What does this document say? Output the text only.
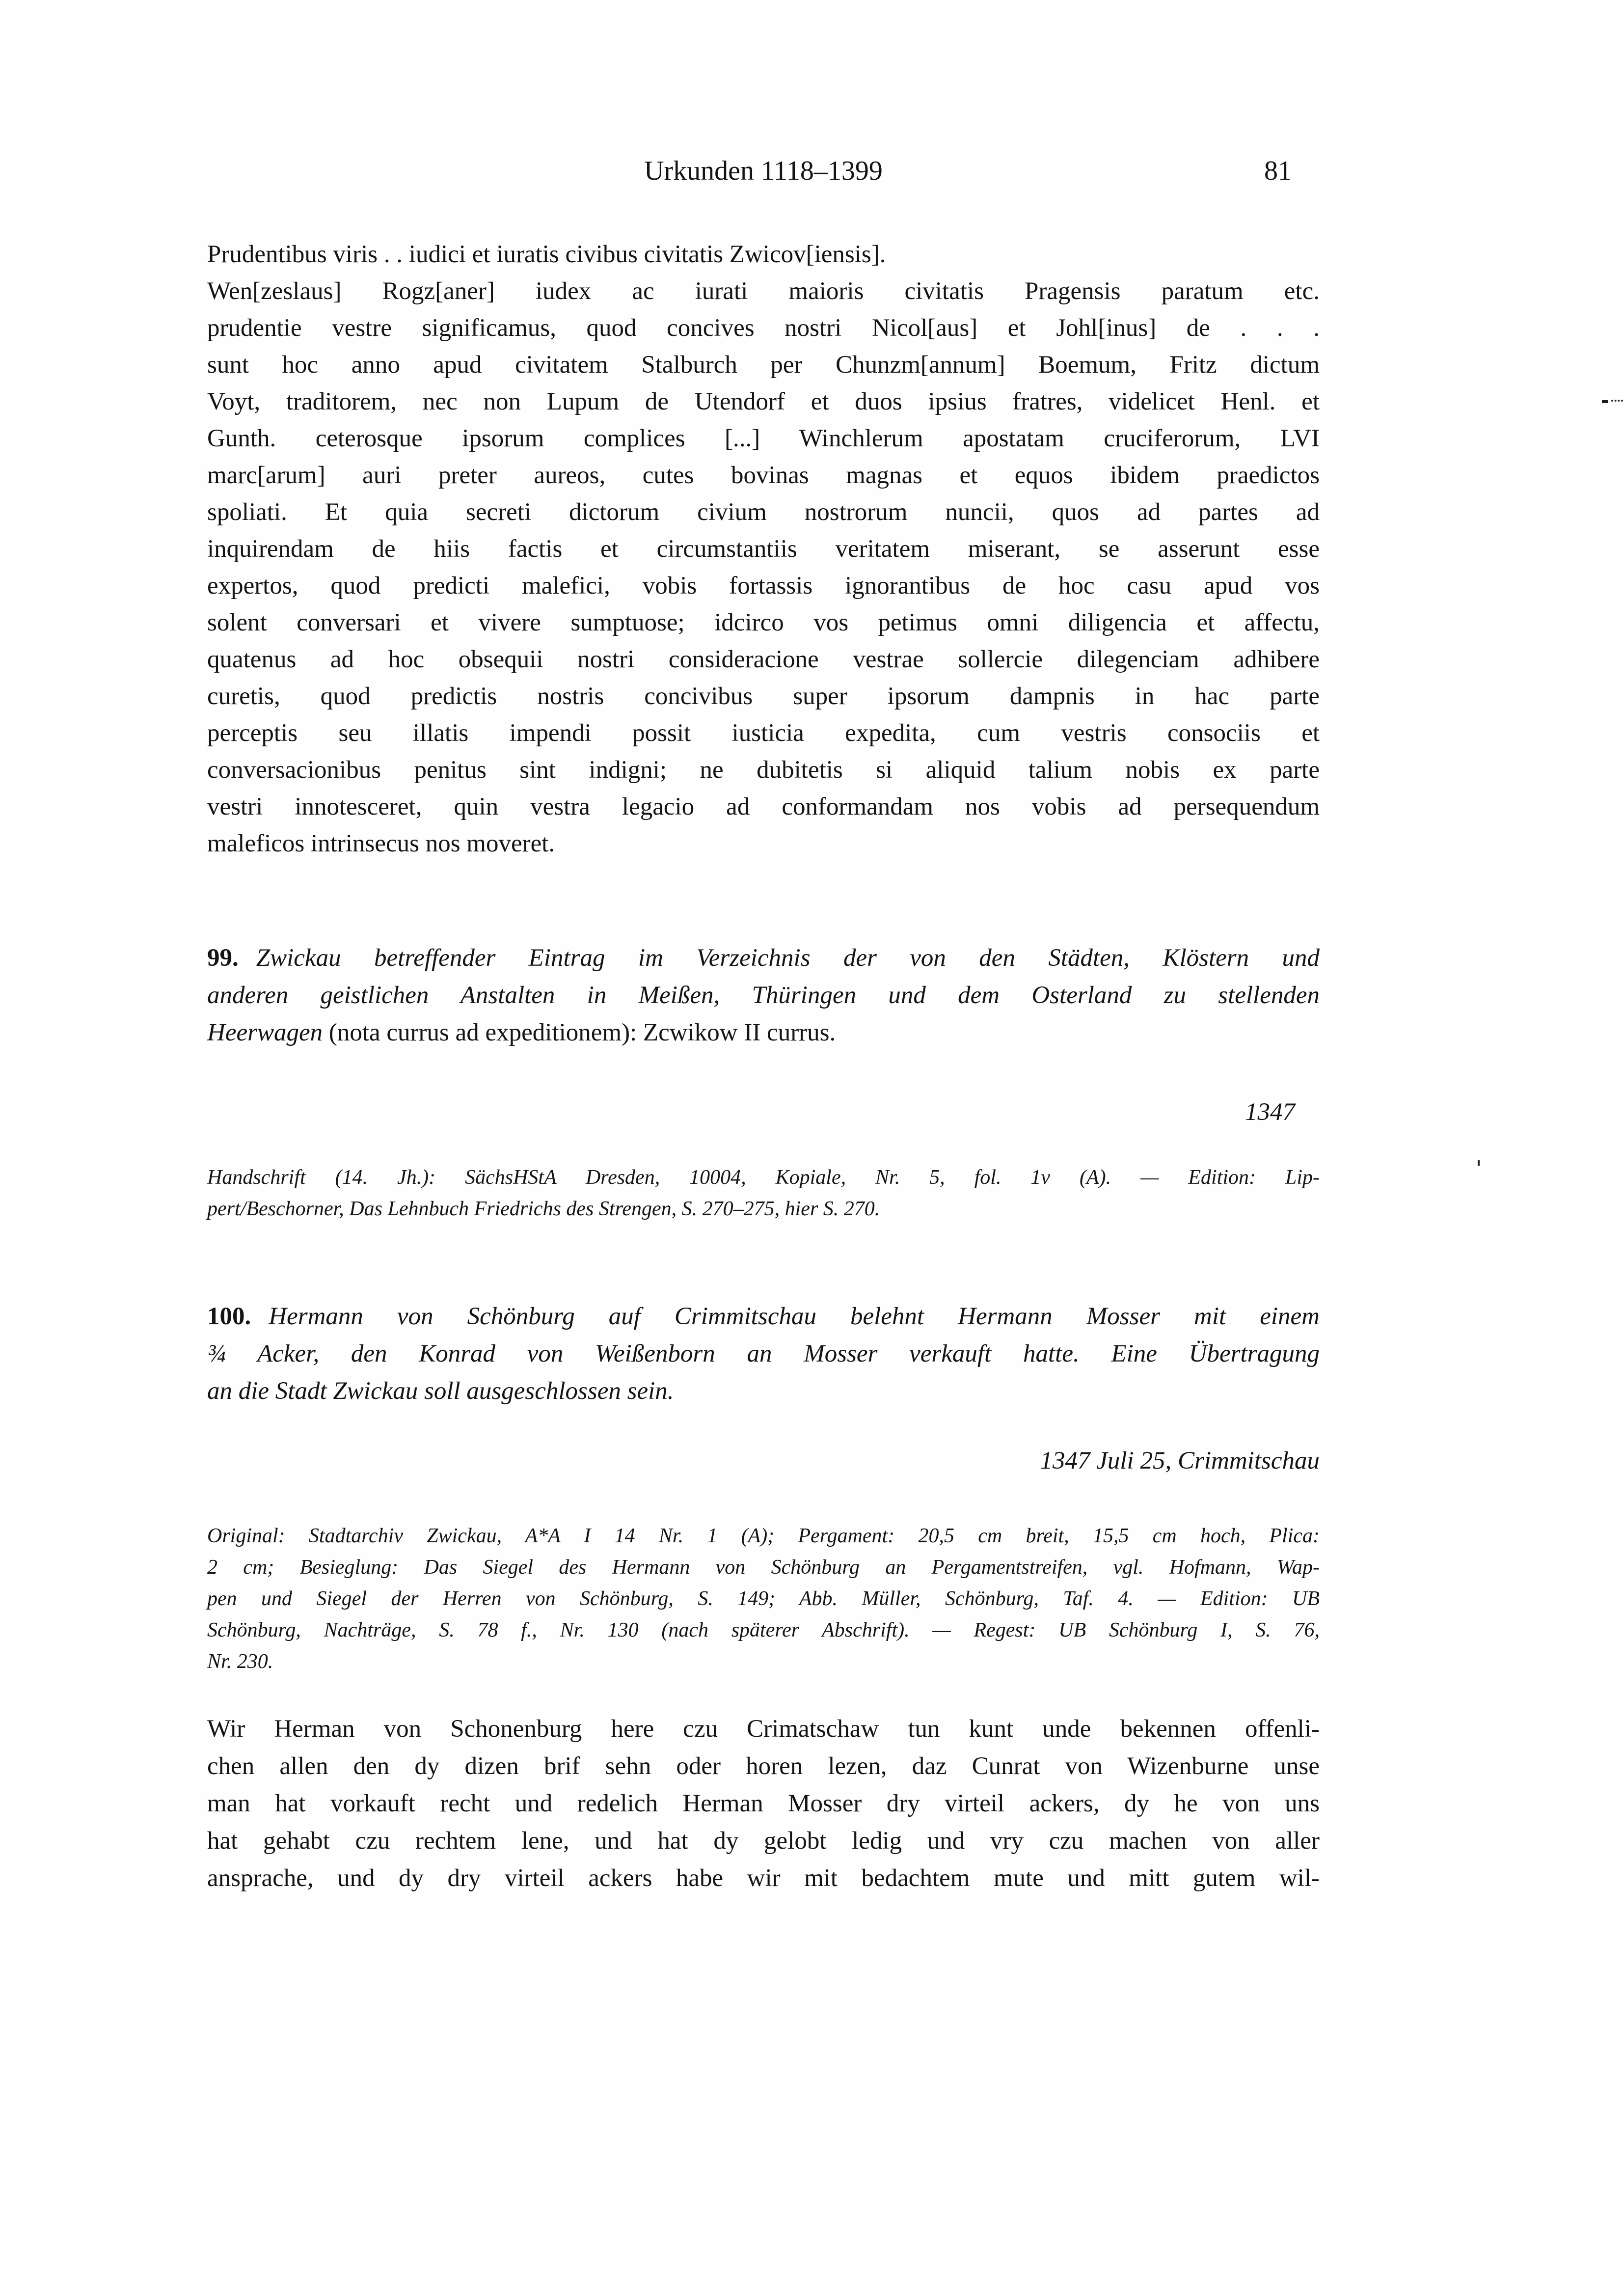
Urkunden 1118–1399	81
Prudentibus viris . . iudici et iuratis civibus civitatis Zwicov[iensis].
Wen[zeslaus] Rogz[aner] iudex ac iurati maioris civitatis Pragensis paratum etc.
prudentie vestre significamus, quod concives nostri Nicol[aus] et Johl[inus] de . . .
sunt hoc anno apud civitatem Stalburch per Chunzm[annum] Boemum, Fritz dictum
Voyt, traditorem, nec non Lupum de Utendorf et duos ipsius fratres, videlicet Henl. et
Gunth. ceterosque ipsorum complices [...] Winchlerum apostatam cruciferorum, LVI
marc[arum] auri preter aureos, cutes bovinas magnas et equos ibidem praedictos
spoliati. Et quia secreti dictorum civium nostrorum nuncii, quos ad partes ad
inquirendam de hiis factis et circumstantiis veritatem miserant, se asserunt esse
expertos, quod predicti malefici, vobis fortassis ignorantibus de hoc casu apud vos
solent conversari et vivere sumptuose; idcirco vos petimus omni diligencia et affectu,
quatenus ad hoc obsequii nostri consideracione vestrae sollercie dilegenciam adhibere
curetis, quod predictis nostris concivibus super ipsorum dampnis in hac parte
perceptis seu illatis impendi possit iusticia expedita, cum vestris consociis et
conversacionibus penitus sint indigni; ne dubitetis si aliquid talium nobis ex parte
vestri innotesceret, quin vestra legacio ad conformandam nos vobis ad persequendum
maleficos intrinsecus nos moveret.
99. Zwickau betreffender Eintrag im Verzeichnis der von den Städten, Klöstern und
anderen geistlichen Anstalten in Meißen, Thüringen und dem Osterland zu stellenden
Heerwagen (nota currus ad expeditionem): Zcwikow II currus.
1347
Handschrift (14. Jh.): SächsHStA Dresden, 10004, Kopiale, Nr. 5, fol. 1v (A). — Edition: Lip-
pert/Beschorner, Das Lehnbuch Friedrichs des Strengen, S. 270–275, hier S. 270.
100. Hermann von Schönburg auf Crimmitschau belehnt Hermann Mosser mit einem
¾ Acker, den Konrad von Weißenborn an Mosser verkauft hatte. Eine Übertragung
an die Stadt Zwickau soll ausgeschlossen sein.
1347 Juli 25, Crimmitschau
Original: Stadtarchiv Zwickau, A*A I 14 Nr. 1 (A); Pergament: 20,5 cm breit, 15,5 cm hoch, Plica:
2 cm; Besieglung: Das Siegel des Hermann von Schönburg an Pergamentstreifen, vgl. Hofmann, Wap-
pen und Siegel der Herren von Schönburg, S. 149; Abb. Müller, Schönburg, Taf. 4. — Edition: UB
Schönburg, Nachträge, S. 78 f., Nr. 130 (nach späterer Abschrift). — Regest: UB Schönburg I, S. 76,
Nr. 230.
Wir Herman von Schonenburg here czu Crimatschaw tun kunt unde bekennen offenli-
chen allen den dy dizen brif sehn oder horen lezen, daz Cunrat von Wizenburne unse
man hat vorkauft recht und redelich Herman Mosser dry virteil ackers, dy he von uns
hat gehabt czu rechtem lene, und hat dy gelobt ledig und vry czu machen von aller
ansprache, und dy dry virteil ackers habe wir mit bedachtem mute und mitt gutem wil-
